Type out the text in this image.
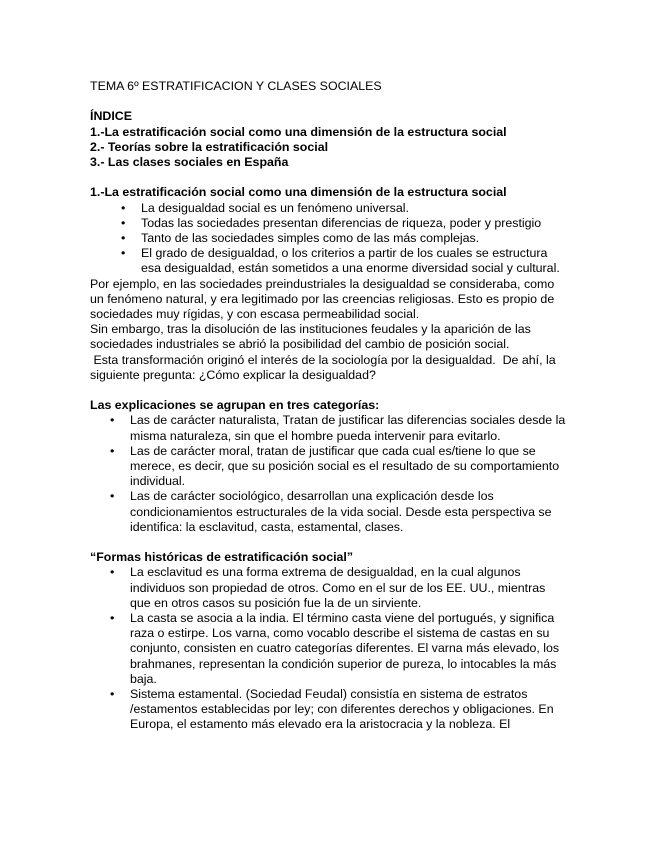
TEMA 6º ESTRATIFICACION Y CLASES SOCIALES
ÍNDICE

1.-La estratificación social como una dimensión de la estructura social

2.- Teorías sobre la estratificación social

3.- Las clases sociales en España

1.-La estratificación social como una dimensión de la estructura social
• La desigualdad social es un fenómeno universal.
• Todas las sociedades presentan diferencias de riqueza, poder y prestigio
• Tanto de las sociedades simples como de las más complejas.
• El grado de desigualdad, o los criterios a partir de los cuales se estructura esa desigualdad, están sometidos a una enorme diversidad social y cultural.

Por ejemplo, en las sociedades preindustriales la desigualdad se consideraba, como un fenómeno natural, y era legitimado por las creencias religiosas. Esto es propio de sociedades muy rígidas, y con escasa permeabilidad social.

Sin embargo, tras la disolución de las instituciones feudales y la aparición de las sociedades industriales se abrió la posibilidad del cambio de posición social.

Esta transformación originó el interés de la sociología por la desigualdad.  De ahí, la siguiente pregunta: ¿Cómo explicar la desigualdad?

Las explicaciones se agrupan en tres categorías:
• Las de carácter naturalista, Tratan de justificar las diferencias sociales desde la misma naturaleza, sin que el hombre pueda intervenir para evitarlo.
• Las de carácter moral, tratan de justificar que cada cual es/tiene lo que se merece, es decir, que su posición social es el resultado de su comportamiento individual.
• Las de carácter sociológico, desarrollan una explicación desde los condicionamientos estructurales de la vida social. Desde esta perspectiva se identifica: la esclavitud, casta, estamental, clases.
“Formas históricas de estratificación social”
• La esclavitud es una forma extrema de desigualdad, en la cual algunos individuos son propiedad de otros. Como en el sur de los EE. UU., mientras que en otros casos su posición fue la de un sirviente.
• La casta se asocia a la india. El término casta viene del portugués, y significa raza o estirpe. Los varna, como vocablo describe el sistema de castas en su conjunto, consisten en cuatro categorías diferentes. El varna más elevado, los brahmanes, representan la condición superior de pureza, lo intocables la más baja.
• Sistema estamental. (Sociedad Feudal) consistía en sistema de estratos /estamentos establecidas por ley; con diferentes derechos y obligaciones. En Europa, el estamento más elevado era la aristocracia y la nobleza. El
